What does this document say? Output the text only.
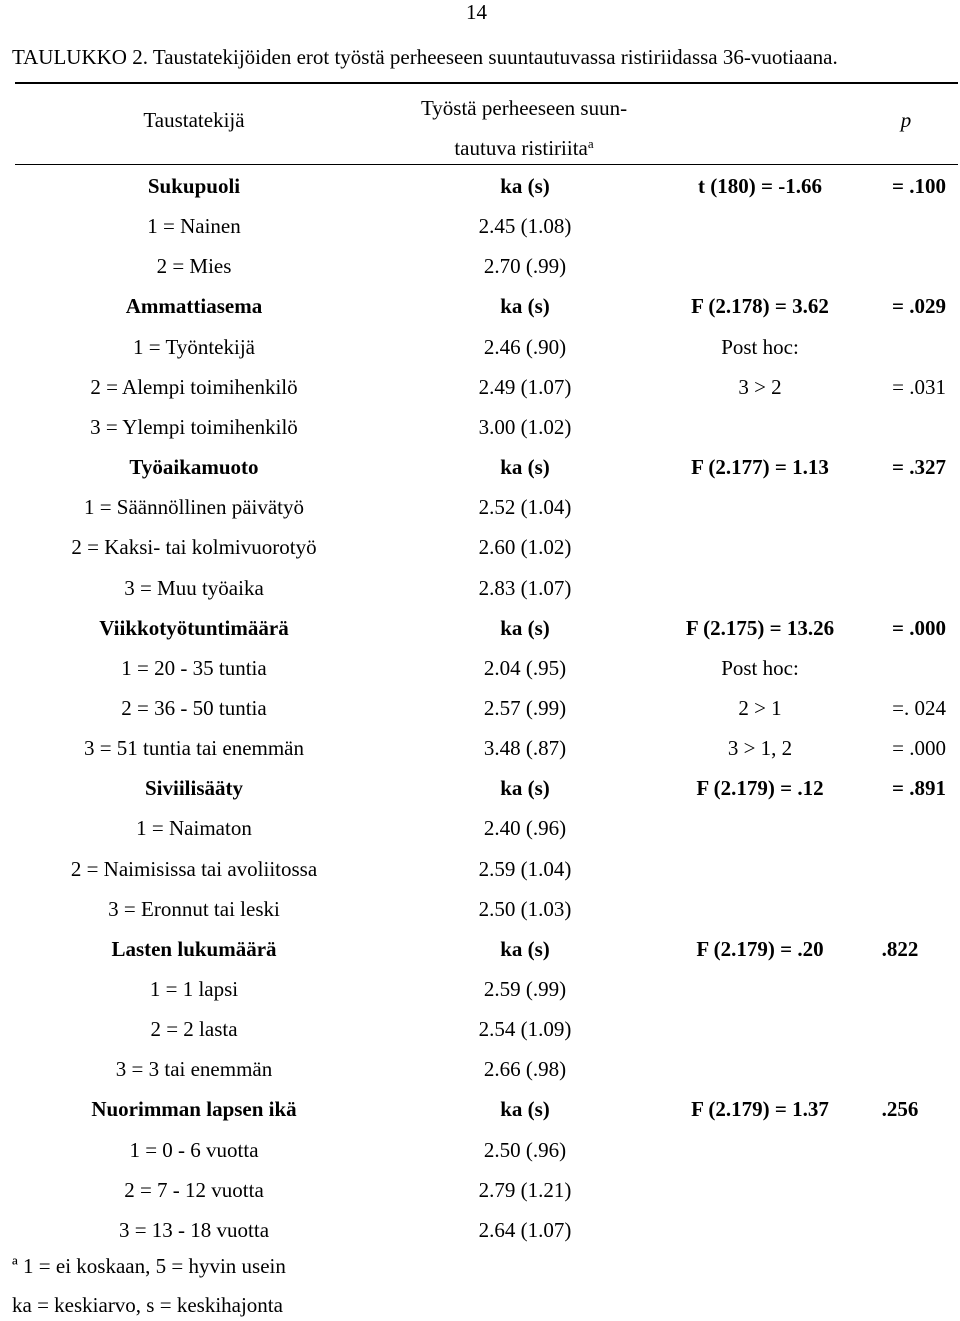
14
TAULUKKO 2. Taustatekijöiden erot työstä perheeseen suuntautuvassa ristiriidassa 36-vuotiaana.
Taustatekijä	Työstä perheeseen suun-
tautuva ristiriita$^a$
p
Sukupuoli	ka (s)	t (180) = -1.66	= .100
1 = Nainen	2.45 (1.08)
2 = Mies	2.70 (.99)
Ammattiasema	ka (s)	F (2.178) = 3.62	= .029
1 = Työntekijä	2.46 (.90)	Post hoc:
2 = Alempi toimihenkilö	2.49 (1.07)	3 > 2	= .031
3 = Ylempi toimihenkilö	3.00 (1.02)
Työaikamuoto	ka (s)	F (2.177) = 1.13	= .327
1 = Säännöllinen päivätyö	2.52 (1.04)
2 = Kaksi- tai kolmivuorotyö	2.60 (1.02)
3 = Muu työaika	2.83 (1.07)
Viikkotyötuntimäärä	ka (s)	F (2.175) = 13.26	= .000
1 = 20 - 35 tuntia	2.04 (.95)	Post hoc:
2 = 36 - 50 tuntia	2.57 (.99)	2 > 1	=. 024
3 = 51 tuntia tai enemmän	3.48 (.87)	3 > 1, 2	= .000
Siviilisääty	ka (s)	F (2.179) = .12	= .891
1 = Naimaton	2.40 (.96)
2 = Naimisissa tai avoliitossa	2.59 (1.04)
3 = Eronnut tai leski	2.50 (1.03)
Lasten lukumäärä	ka (s)	F (2.179) = .20	.822
1 = 1 lapsi	2.59 (.99)
2 = 2 lasta	2.54 (1.09)
3 = 3 tai enemmän	2.66 (.98)
Nuorimman lapsen ikä	ka (s)	F (2.179) = 1.37	.256
1 = 0 - 6 vuotta	2.50 (.96)
2 = 7 - 12 vuotta	2.79 (1.21)
3 = 13 - 18 vuotta	2.64 (1.07)
ª 1 = ei koskaan, 5 = hyvin usein
ka = keskiarvo, s = keskihajonta
